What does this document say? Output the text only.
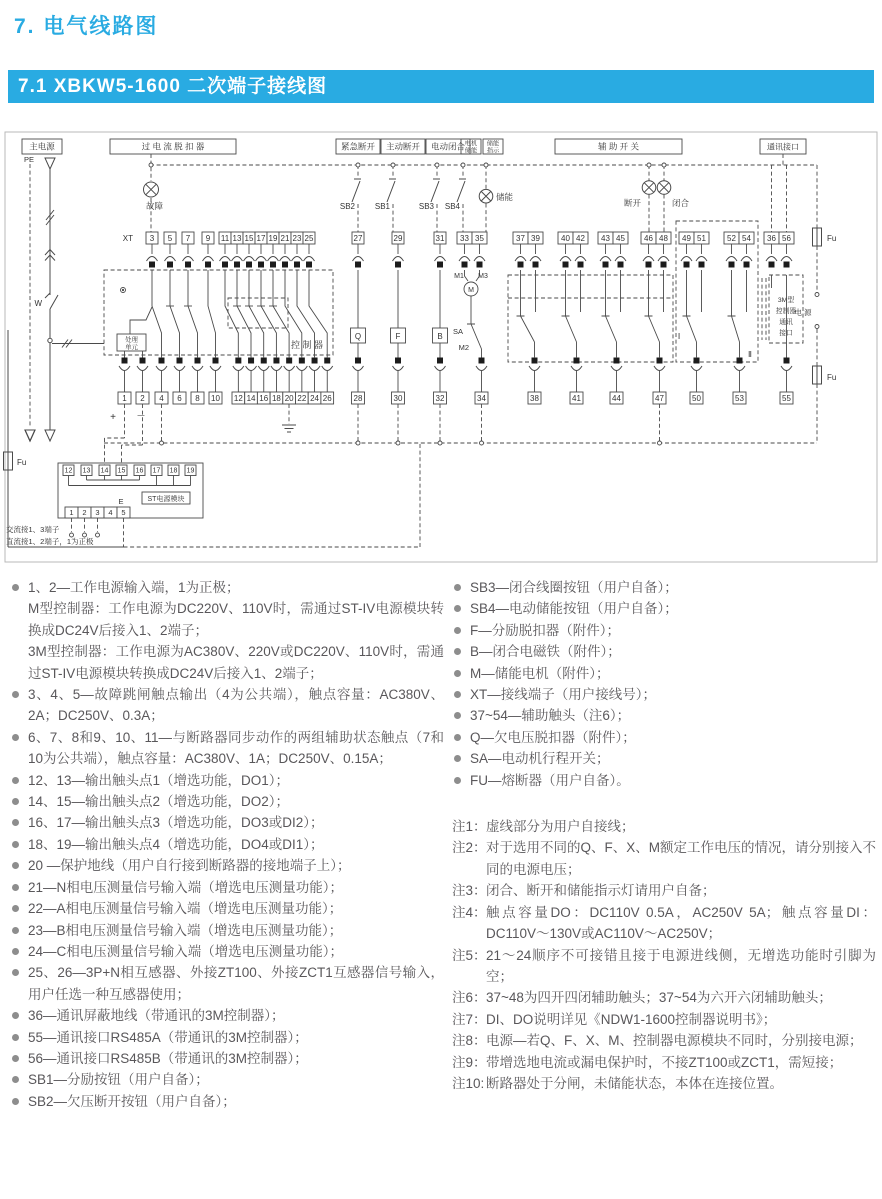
7. 电气线路图
7.1 XBKW5-1600 二次端子接线图
主电源	过 电 流 脱 扣 器	紧急断开 主动断开 电动闭合 电机
储能
储能
指示	辅 助 开 关	通讯接口
故障
储能
断开	闭合
SB2 SB1	SB3 SB4
Q	F	B
M1 M3
M
SA
M2
PE
W
Fu
Fu
Fu
电 源
XT
处理
单元	控 制 器
Ⅰ
Ⅱ
3M型
控制器
通讯
接口
ST电源模块
E
+	—
交流接1、3端子
直流接1、2端子，1为正极
3 5 7 9 11 13 15 17 19 21 23 25	27	29	31 33 35	37 39	40 42 43 45 46 48 49 51	52 54 36 56
1 2 4 6 8 10 12 14 16 18 20 22 24 26	28	30	32	34	38	41	44	47	50	53	55
12 13 14 15 16 17 18 19
1 2 3 4 5
1、2—工作电源输入端，1为正极；
M型控制器：工作电源为DC220V、110V时，需通过ST-IV电源模块转换成DC24V后接入1、2端子；
3M型控制器：工作电源为AC380V、220V或DC220V、110V时，需通过ST-IV电源模块转换成DC24V后接入1、2端子；
3、4、5—故障跳闸触点输出（4为公共端），触点容量：AC380V、2A；DC250V、0.3A；
6、7、8和9、10、11—与断路器同步动作的两组辅助状态触点（7和10为公共端），触点容量：AC380V、1A；DC250V、0.15A；
12、13—输出触头点1（增选功能，DO1）；
14、15—输出触头点2（增选功能，DO2）；
16、17—输出触头点3（增选功能，DO3或DI2）；
18、19—输出触头点4（增选功能，DO4或DI1）；
20 —保护地线（用户自行接到断路器的接地端子上）；
21—N相电压测量信号输入端（增选电压测量功能）；
22—A相电压测量信号输入端（增选电压测量功能）；
23—B相电压测量信号输入端（增选电压测量功能）；
24—C相电压测量信号输入端（增选电压测量功能）；
25、26—3P+N相互感器、外接ZT100、外接ZCT1互感器信号输入，用户任选一种互感器使用；
36—通讯屏蔽地线（带通讯的3M控制器）；
55—通讯接口RS485A（带通讯的3M控制器）；
56—通讯接口RS485B（带通讯的3M控制器）；
SB1—分励按钮（用户自备）；
SB2—欠压断开按钮（用户自备）；
SB3—闭合线圈按钮（用户自备）；
SB4—电动储能按钮（用户自备）；
F—分励脱扣器（附件）；
B—闭合电磁铁（附件）；
M—储能电机（附件）；
XT—接线端子（用户接线号）；
37~54—辅助触头（注6）；
Q—欠电压脱扣器（附件）；
SA—电动机行程开关；
FU—熔断器（用户自备）。
注1： 虚线部分为用户自接线；
注2： 对于选用不同的Q、F、X、M额定工作电压的情况，请分别接入不同的电源电压；
注3： 闭合、断开和储能指示灯请用户自备；
注4： 触点容量DO：DC110V 0.5A，AC250V 5A；触点容量DI：DC110V～130V或AC110V～AC250V；
注5： 21～24顺序不可接错且接于电源进线侧，无增选功能时引脚为空；
注6： 37~48为四开四闭辅助触头；37~54为六开六闭辅助触头；
注7： DI、DO说明详见《NDW1-1600控制器说明书》；
注8： 电源—若Q、F、X、M、控制器电源模块不同时，分别接电源；
注9： 带增选地电流或漏电保护时，不接ZT100或ZCT1，需短接；
注10: 断路器处于分闸，未储能状态，本体在连接位置。
